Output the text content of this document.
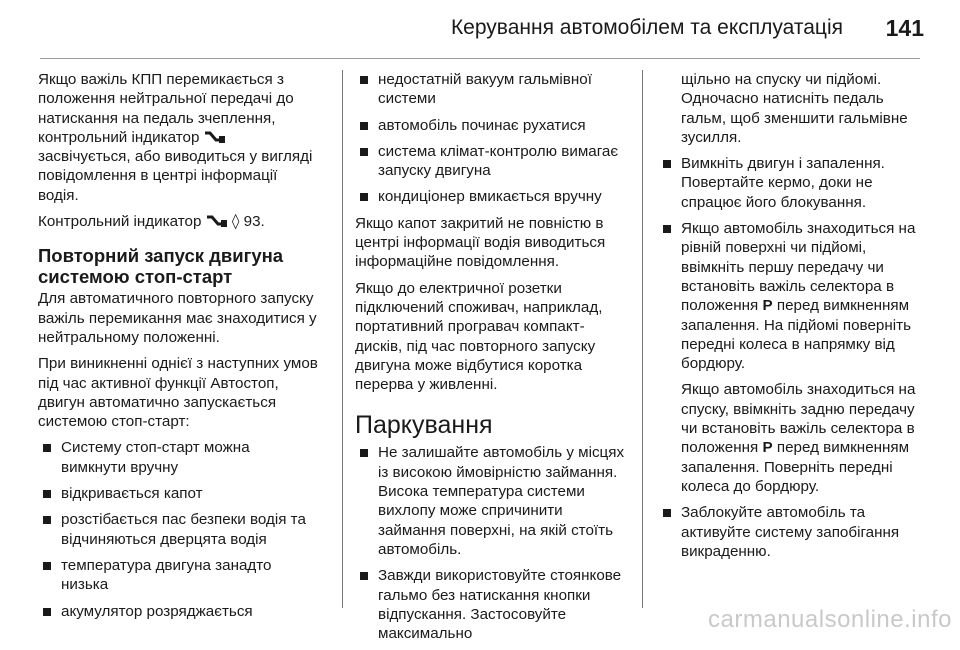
Керування автомобілем та експлуатація 141

Якщо важіль КПП перемикається з положення нейтральної передачі до натискання на педаль зчеплення, контрольний індикатор  засвічується, або виводиться у вигляді повідомлення в центрі інформації водія.

Контрольний індикатор ◊ 93.

Повторний запуск двигуна системою стоп-старт

Для автоматичного повторного запуску важіль перемикання має знаходитися у нейтральному положенні.

При виникненні однієї з наступних умов під час активної функції Автостоп, двигун автоматично запускається системою стоп-старт:

Систему стоп-старт можна вимкнути вручну
відкривається капот
розстібається пас безпеки водія та відчиняються дверцята водія
температура двигуна занадто низька
акумулятор розряджається
недостатній вакуум гальмівної системи
автомобіль починає рухатися
система клімат-контролю вимагає запуску двигуна
кондиціонер вмикається вручну

Якщо капот закритий не повністю в центрі інформації водія виводиться інформаційне повідомлення.

Якщо до електричної розетки підключений споживач, наприклад, портативний програвач компакт-дисків, під час повторного запуску двигуна може відбутися коротка перерва у живленні.

Паркування
Не залишайте автомобіль у місцях із високою ймовірністю займання. Висока температура системи вихлопу може спричинити займання поверхні, на якій стоїть автомобіль.
Завжди використовуйте стоянкове гальмо без натискання кнопки відпускання. Застосовуйте максимально

щільно на спуску чи підйомі. Одночасно натисніть педаль гальм, щоб зменшити гальмівне зусилля.

Вимкніть двигун і запалення. Повертайте кермо, доки не спрацює його блокування.
Якщо автомобіль знаходиться на рівній поверхні чи підйомі, ввімкніть першу передачу чи встановіть важіль селектора в положення P перед вимкненням запалення. На підйомі поверніть передні колеса в напрямку від бордюру.

Якщо автомобіль знаходиться на спуску, ввімкніть задню передачу чи встановіть важіль селектора в положення P перед вимкненням запалення. Поверніть передні колеса до бордюру.

Заблокуйте автомобіль та активуйте систему запобігання викраденню.
carmanualsonline.info
